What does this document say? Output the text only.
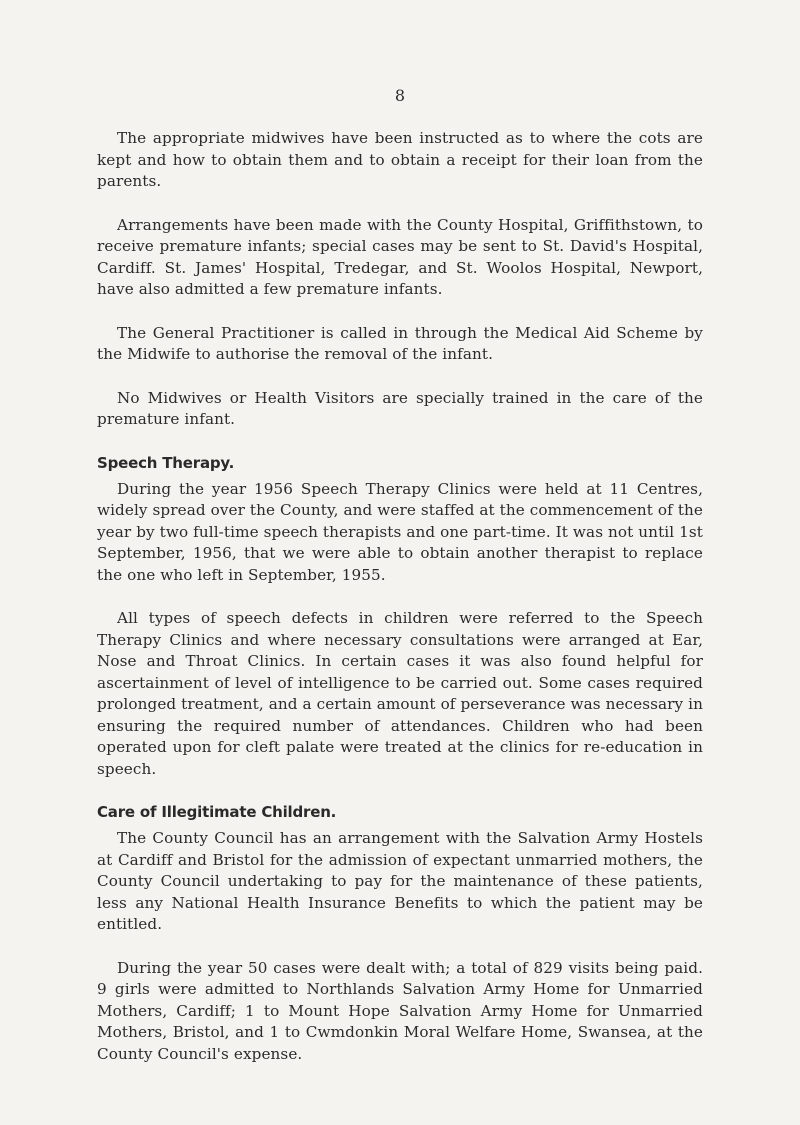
8

The appropriate midwives have been instructed as to where the cots are kept and how to obtain them and to obtain a receipt for their loan from the parents.

Arrangements have been made with the County Hospital, Griffithstown, to receive premature infants; special cases may be sent to St. David's Hospital, Cardiff. St. James' Hospital, Tredegar, and St. Woolos Hospital, Newport, have also admitted a few premature infants.

The General Practitioner is called in through the Medical Aid Scheme by the Midwife to authorise the removal of the infant.

No Midwives or Health Visitors are specially trained in the care of the premature infant.

Speech Therapy.

During the year 1956 Speech Therapy Clinics were held at 11 Centres, widely spread over the County, and were staffed at the commencement of the year by two full-time speech therapists and one part-time. It was not until 1st September, 1956, that we were able to obtain another therapist to replace the one who left in September, 1955.

All types of speech defects in children were referred to the Speech Therapy Clinics and where necessary consultations were arranged at Ear, Nose and Throat Clinics. In certain cases it was also found helpful for ascertainment of level of intelligence to be carried out. Some cases required prolonged treatment, and a certain amount of perseverance was necessary in ensuring the required number of attendances. Children who had been operated upon for cleft palate were treated at the clinics for re-education in speech.

Care of Illegitimate Children.

The County Council has an arrangement with the Salvation Army Hostels at Cardiff and Bristol for the admission of expectant unmarried mothers, the County Council undertaking to pay for the maintenance of these patients, less any National Health Insurance Benefits to which the patient may be entitled.

During the year 50 cases were dealt with; a total of 829 visits being paid. 9 girls were admitted to Northlands Salvation Army Home for Unmarried Mothers, Cardiff; 1 to Mount Hope Salvation Army Home for Unmarried Mothers, Bristol, and 1 to Cwmdonkin Moral Welfare Home, Swansea, at the County Council's expense.
